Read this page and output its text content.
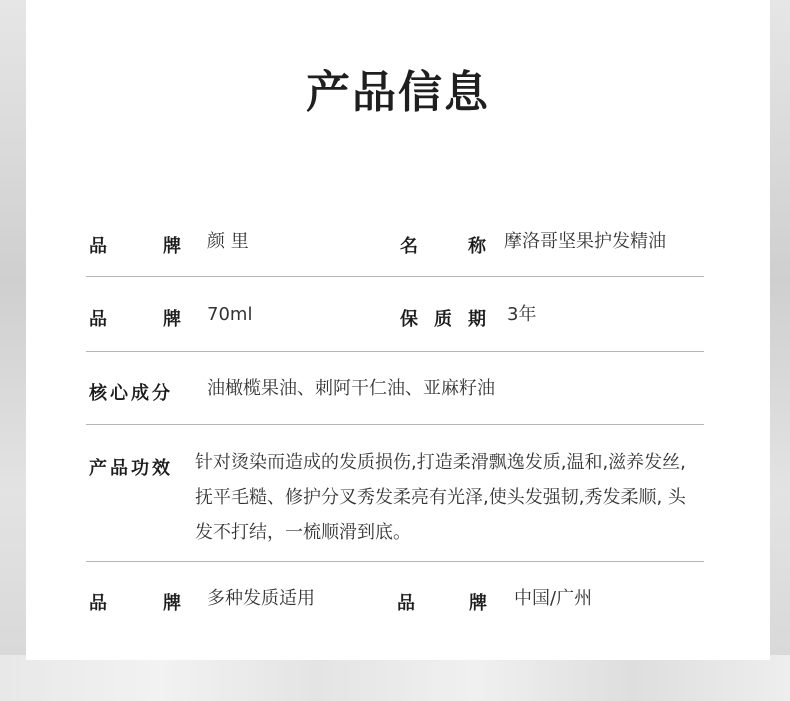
产品信息
品	牌 颜 里	名	称 摩洛哥坚果护发精油
品	牌 70ml	保 质 期 3年
核心成分 油橄榄果油、刺阿干仁油、亚麻籽油
产品功效 针对烫染而造成的发质损伤,打造柔滑飘逸发质,温和,滋养发丝,
抚平毛糙、修护分叉秀发柔亮有光泽,使头发强韧,秀发柔顺, 头
发不打结，一梳顺滑到底。
品	牌 多种发质适用	品	牌 中国/广州
